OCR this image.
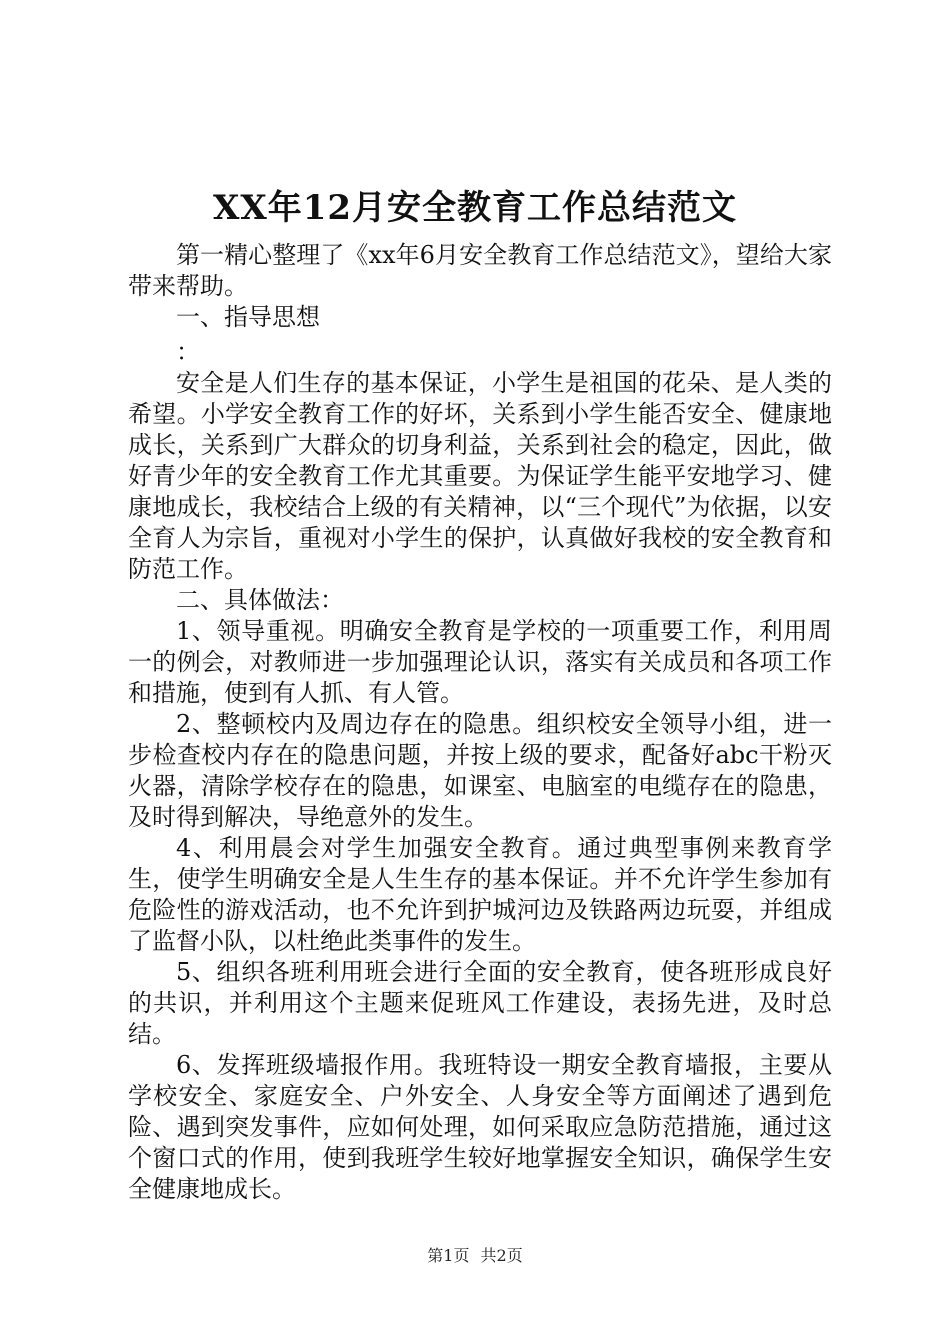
XX年12月安全教育工作总结范文

第一精心整理了《xx年6月安全教育工作总结范文》，望给大家带来帮助。

一、指导思想

：

安全是人们生存的基本保证，小学生是祖国的花朵、是人类的希望。小学安全教育工作的好坏，关系到小学生能否安全、健康地成长，关系到广大群众的切身利益，关系到社会的稳定，因此，做好青少年的安全教育工作尤其重要。为保证学生能平安地学习、健康地成长，我校结合上级的有关精神，以“三个现代”为依据，以安全育人为宗旨，重视对小学生的保护，认真做好我校的安全教育和防范工作。

二、具体做法：

1、领导重视。明确安全教育是学校的一项重要工作，利用周一的例会，对教师进一步加强理论认识，落实有关成员和各项工作和措施，使到有人抓、有人管。

2、整顿校内及周边存在的隐患。组织校安全领导小组，进一步检查校内存在的隐患问题，并按上级的要求，配备好abc干粉灭火器，清除学校存在的隐患，如课室、电脑室的电缆存在的隐患，及时得到解决，导绝意外的发生。

4、利用晨会对学生加强安全教育。通过典型事例来教育学生，使学生明确安全是人生生存的基本保证。并不允许学生参加有危险性的游戏活动，也不允许到护城河边及铁路两边玩耍，并组成了监督小队，以杜绝此类事件的发生。

5、组织各班利用班会进行全面的安全教育，使各班形成良好的共识，并利用这个主题来促班风工作建设，表扬先进，及时总结。

6、发挥班级墙报作用。我班特设一期安全教育墙报，主要从学校安全、家庭安全、户外安全、人身安全等方面阐述了遇到危险、遇到突发事件，应如何处理，如何采取应急防范措施，通过这个窗口式的作用，使到我班学生较好地掌握安全知识，确保学生安全健康地成长。

第1页 共2页
